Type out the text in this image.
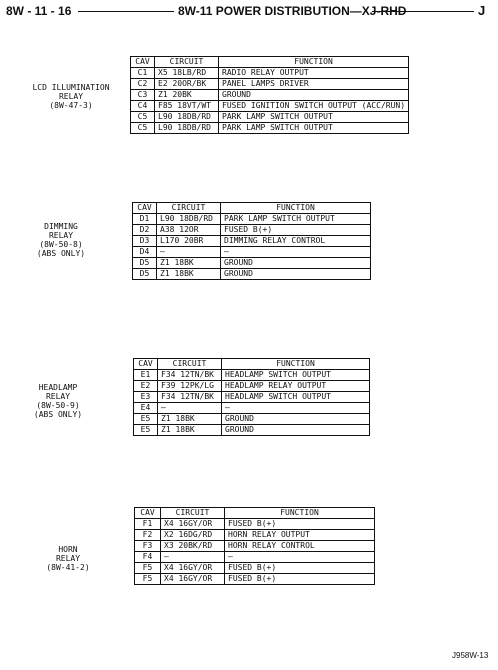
8W - 11 - 16	8W-11 POWER DISTRIBUTION—XJ-RHD	J
LCD ILLUMINATION
RELAY
(8W-47-3)
CAV	CIRCUIT	FUNCTION
C1	X5 18LB/RD	RADIO RELAY OUTPUT
C2	E2 20OR/BK	PANEL LAMPS DRIVER
C3	Z1 20BK	GROUND
C4	F85 18VT/WT	FUSED IGNITION SWITCH OUTPUT (ACC/RUN)
C5	L90 18DB/RD	PARK LAMP SWITCH OUTPUT
C5	L90 18DB/RD	PARK LAMP SWITCH OUTPUT
DIMMING
RELAY
(8W-50-8)
(ABS ONLY)
CAV	CIRCUIT	FUNCTION
D1	L90 18DB/RD	PARK LAMP SWITCH OUTPUT
D2	A38 12OR	FUSED B(+)
D3	L170 20BR	DIMMING RELAY CONTROL
D4	—	—
D5	Z1 18BK	GROUND
D5	Z1 18BK	GROUND
HEADLAMP
RELAY
(8W-50-9)
(ABS ONLY)
CAV	CIRCUIT	FUNCTION
E1	F34 12TN/BK	HEADLAMP SWITCH OUTPUT
E2	F39 12PK/LG	HEADLAMP RELAY OUTPUT
E3	F34 12TN/BK	HEADLAMP SWITCH OUTPUT
E4	—	—
E5	Z1 18BK	GROUND
E5	Z1 18BK	GROUND
HORN
RELAY
(8W-41-2)
CAV	CIRCUIT	FUNCTION
F1	X4 16GY/OR	FUSED B(+)
F2	X2 16DG/RD	HORN RELAY OUTPUT
F3	X3 20BK/RD	HORN RELAY CONTROL
F4	—	—
F5	X4 16GY/OR	FUSED B(+)
F5	X4 16GY/OR	FUSED B(+)
J958W-13
